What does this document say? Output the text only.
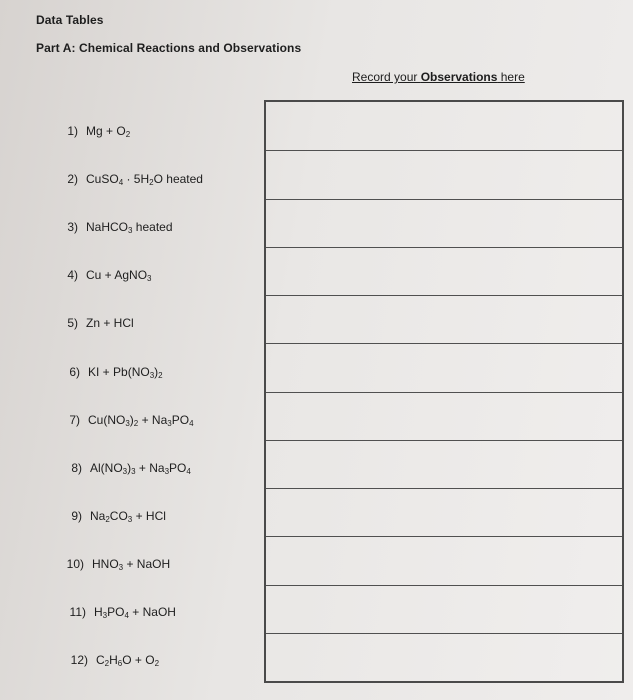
Data Tables
Part A: Chemical Reactions and Observations
Record your Observations here
1) $Mg + O_2$
2) CuSO$_4$ · $5H_2O$ heated
3) NaHCO$_3$ heated
4) Cu + AgNO$_3$
5) Zn + HCl
6) KI + $Pb(NO_3)_2$
7) $Cu(NO_3)_2 + Na_3PO_4$
8) $Al(NO_3)_3 + Na_3PO_4$
9) $Na_2CO_3$ + HCl
10) $HNO_3$ + NaOH
11) $H_3PO_4$ + NaOH
12) $C_2H_6O + O_2$
